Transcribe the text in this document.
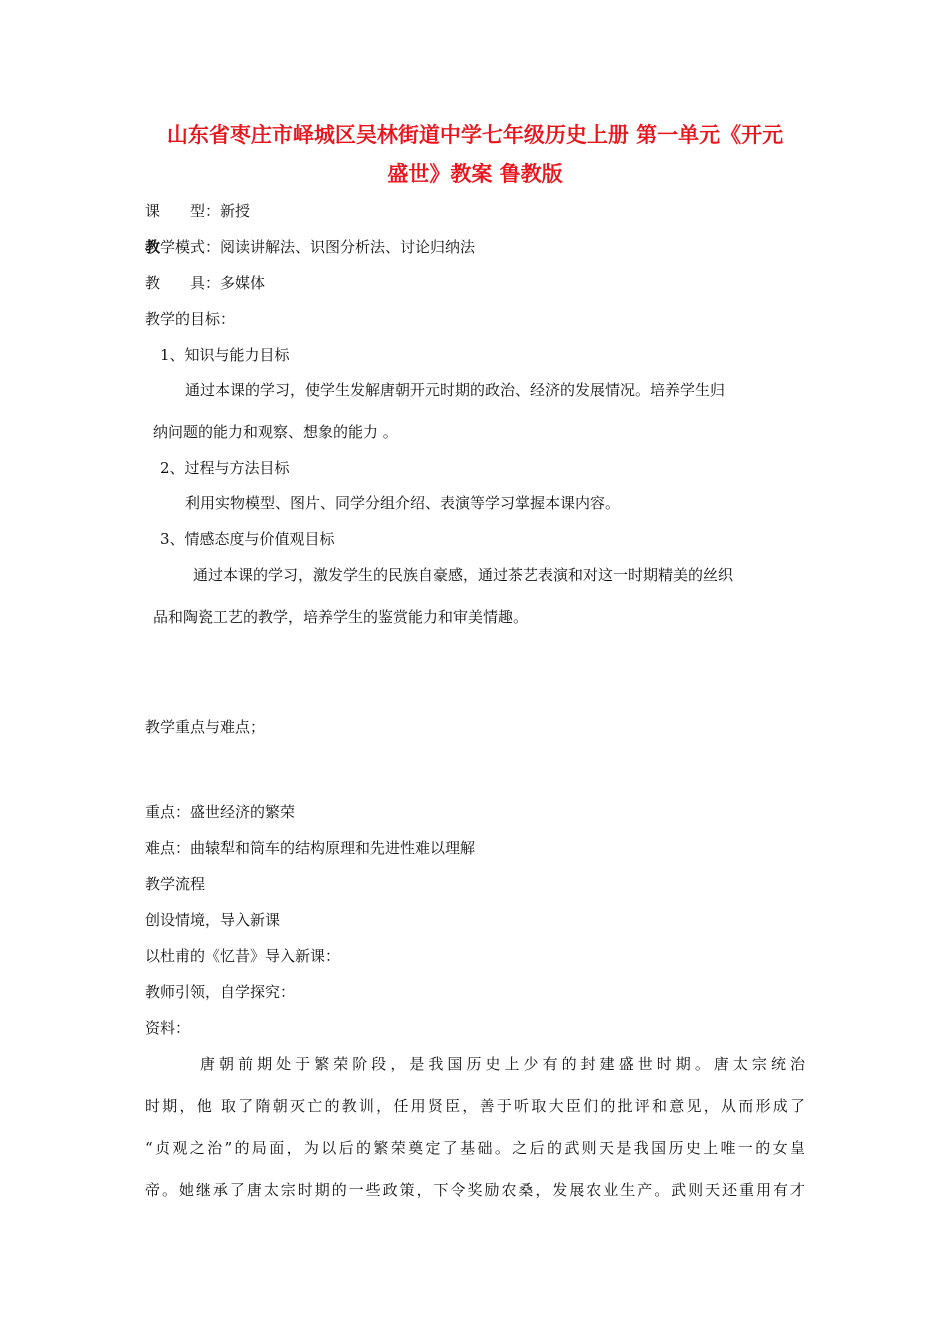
山东省枣庄市峄城区吴林街道中学七年级历史上册 第一单元《开元
盛世》教案 鲁教版
课　　型：新授
教学模式：阅读讲解法、识图分析法、讨论归纳法
教　　具：多媒体
教学的目标：
1、知识与能力目标
通过本课的学习，使学生发解唐朝开元时期的政治、经济的发展情况。培养学生归
纳问题的能力和观察、想象的能力 。
2、过程与方法目标
利用实物模型、图片、同学分组介绍、表演等学习掌握本课内容。
3、情感态度与价值观目标
通过本课的学习，激发学生的民族自豪感，通过茶艺表演和对这一时期精美的丝织
品和陶瓷工艺的教学，培养学生的鉴赏能力和审美情趣。
教学重点与难点；
重点：盛世经济的繁荣
难点：曲辕犁和筒车的结构原理和先进性难以理解
教学流程
创设情境，导入新课
以杜甫的《忆昔》导入新课：
教师引领，自学探究：
资料：
唐朝前期处于繁荣阶段，是我国历史上少有的封建盛世时期。唐太宗统治
时期，他 取了隋朝灭亡的教训，任用贤臣，善于听取大臣们的批评和意见，从而形成了
“贞观之治”的局面，为以后的繁荣奠定了基础。之后的武则天是我国历史上唯一的女皇
帝。她继承了唐太宗时期的一些政策，下令奖励农桑，发展农业生产。武则天还重用有才
